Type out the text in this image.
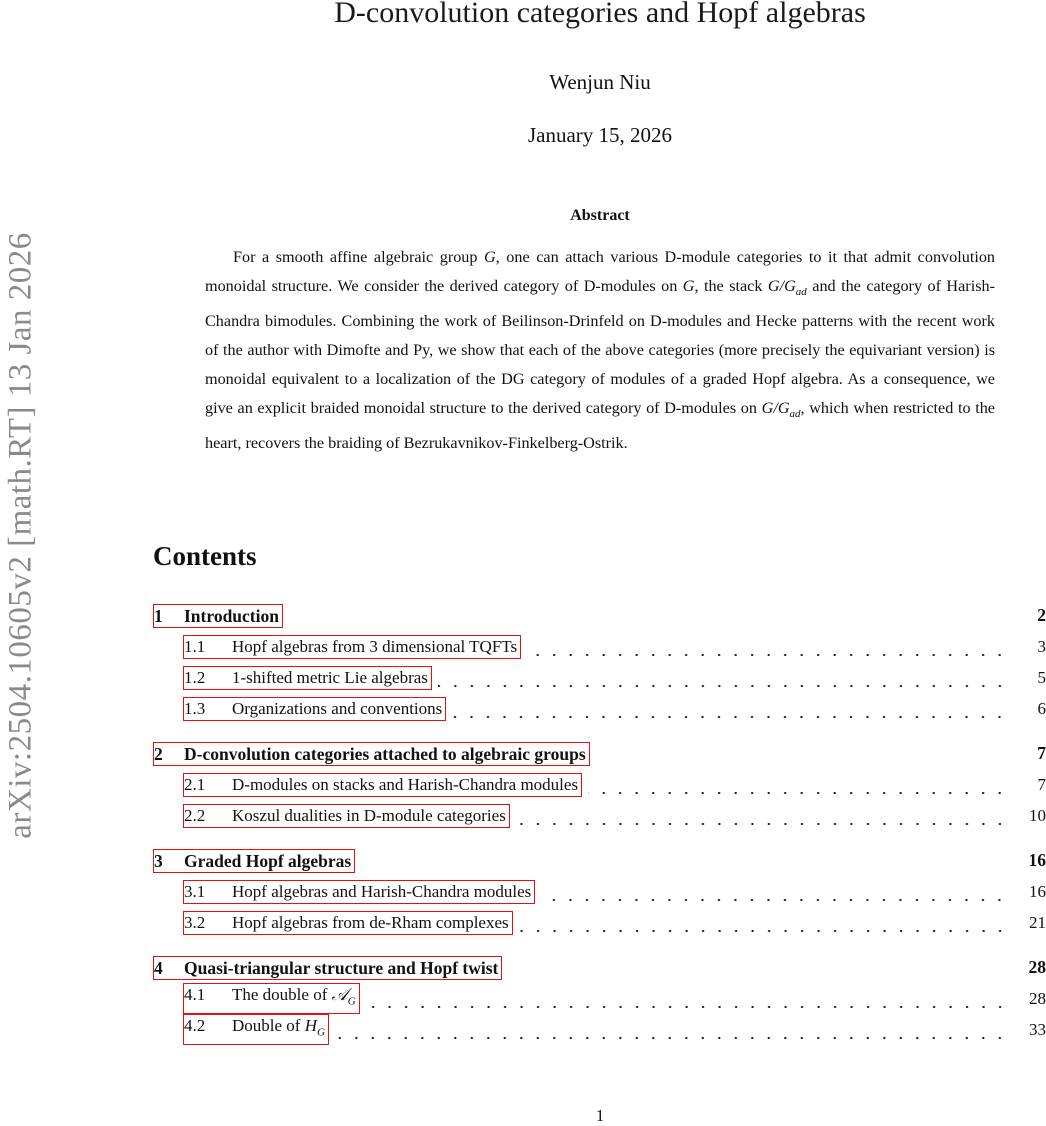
arXiv:2504.10605v2 [math.RT] 13 Jan 2026
D-convolution categories and Hopf algebras
Wenjun Niu
January 15, 2026
Abstract
For a smooth affine algebraic group G, one can attach various D-module categories to it that admit convolution monoidal structure. We consider the derived category of D-modules on G, the stack $G/G_{ad}$ and the category of Harish-Chandra bimodules. Combining the work of Beilinson-Drinfeld on D-modules and Hecke patterns with the recent work of the author with Dimofte and Py, we show that each of the above categories (more precisely the equivariant version) is monoidal equivalent to a localization of the DG category of modules of a graded Hopf algebra. As a consequence, we give an explicit braided monoidal structure to the derived category of D-modules on $G/G_{ad}$, which when restricted to the heart, recovers the braiding of Bezrukavnikov-Finkelberg-Ostrik.
Contents
1 Introduction	2
1.1 Hopf algebras from 3 dimensional TQFTs	3
1.2 1-shifted metric Lie algebras	5
1.3 Organizations and conventions	6
2 D-convolution categories attached to algebraic groups	7
2.1 D-modules on stacks and Harish-Chandra modules	7
2.2 Koszul dualities in D-module categories	10
3 Graded Hopf algebras	16
3.1 Hopf algebras and Harish-Chandra modules	16
3.2 Hopf algebras from de-Rham complexes	21
4 Quasi-triangular structure and Hopf twist	28
4.1 The double of 𝒜$_G$	28
4.2 Double of $H_G$	33
1
